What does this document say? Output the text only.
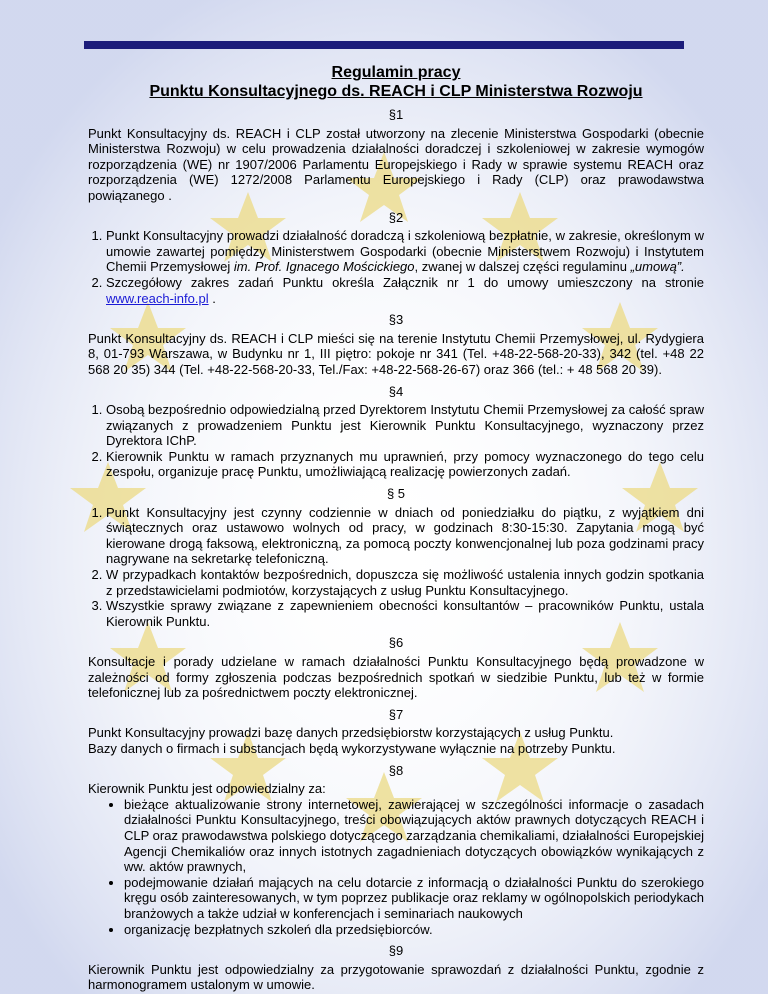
Regulamin pracy

Punktu Konsultacyjnego ds. REACH i CLP Ministerstwa Rozwoju

§1

Punkt Konsultacyjny ds. REACH i CLP został utworzony na zlecenie Ministerstwa Gospodarki (obecnie Ministerstwa Rozwoju) w celu prowadzenia działalności doradczej i szkoleniowej w zakresie wymogów rozporządzenia (WE) nr 1907/2006 Parlamentu Europejskiego i Rady w sprawie systemu REACH oraz rozporządzenia (WE) 1272/2008 Parlamentu Europejskiego i Rady (CLP) oraz prawodawstwa powiązanego .

§2
1. Punkt Konsultacyjny prowadzi działalność doradczą i szkoleniową bezpłatnie, w zakresie, określonym w umowie zawartej pomiędzy Ministerstwem Gospodarki (obecnie Ministerstwem Rozwoju) i Instytutem Chemii Przemysłowej im. Prof. Ignacego Mościckiego, zwanej w dalszej części regulaminu „umową”.
2. Szczegółowy zakres zadań Punktu określa Załącznik nr 1 do umowy umieszczony na stronie www.reach-info.pl .
§3

Punkt Konsultacyjny ds. REACH i CLP mieści się na terenie Instytutu Chemii Przemysłowej, ul. Rydygiera 8, 01-793 Warszawa, w Budynku nr 1, III piętro: pokoje nr 341 (Tel. +48-22-568-20-33), 342 (tel. +48 22 568 20 35) 344 (Tel. +48-22-568-20-33, Tel./Fax: +48-22-568-26-67) oraz 366 (tel.: + 48 568 20 39).

§4
1. Osobą bezpośrednio odpowiedzialną przed Dyrektorem Instytutu Chemii Przemysłowej za całość spraw związanych z prowadzeniem Punktu jest Kierownik Punktu Konsultacyjnego, wyznaczony przez Dyrektora IChP.
2. Kierownik Punktu w ramach przyznanych mu uprawnień, przy pomocy wyznaczonego do tego celu zespołu, organizuje pracę Punktu, umożliwiającą realizację powierzonych zadań.
§ 5
1. Punkt Konsultacyjny jest czynny codziennie w dniach od poniedziałku do piątku, z wyjątkiem dni świątecznych oraz ustawowo wolnych od pracy, w godzinach 8:30-15:30. Zapytania mogą być kierowane drogą faksową, elektroniczną, za pomocą poczty konwencjonalnej lub poza godzinami pracy nagrywane na sekretarkę telefoniczną.
2. W przypadkach kontaktów bezpośrednich, dopuszcza się możliwość ustalenia innych godzin spotkania z przedstawicielami podmiotów, korzystających z usług Punktu Konsultacyjnego.
3. Wszystkie sprawy związane z zapewnieniem obecności konsultantów – pracowników Punktu, ustala Kierownik Punktu.
§6

Konsultacje i porady udzielane w ramach działalności Punktu Konsultacyjnego będą prowadzone w zależności od formy zgłoszenia podczas bezpośrednich spotkań w siedzibie Punktu, lub też w formie telefonicznej lub za pośrednictwem poczty elektronicznej.

§7

Punkt Konsultacyjny prowadzi bazę danych przedsiębiorstw korzystających z usług Punktu.

Bazy danych o firmach i substancjach będą wykorzystywane wyłącznie na potrzeby Punktu.

§8

Kierownik Punktu jest odpowiedzialny za:

• bieżące aktualizowanie strony internetowej, zawierającej w szczególności informacje o zasadach działalności Punktu Konsultacyjnego, treści obowiązujących aktów prawnych dotyczących REACH i CLP oraz prawodawstwa polskiego dotyczącego zarządzania chemikaliami, działalności Europejskiej Agencji Chemikaliów oraz innych istotnych zagadnieniach dotyczących obowiązków wynikających z ww. aktów prawnych,
• podejmowanie działań mających na celu dotarcie z informacją o działalności Punktu do szerokiego kręgu osób zainteresowanych, w tym poprzez publikacje oraz reklamy w ogólnopolskich periodykach branżowych a także udział w konferencjach i seminariach naukowych
• organizację bezpłatnych szkoleń dla przedsiębiorców.
§9

Kierownik Punktu jest odpowiedzialny za przygotowanie sprawozdań z działalności Punktu, zgodnie z harmonogramem ustalonym w umowie.
